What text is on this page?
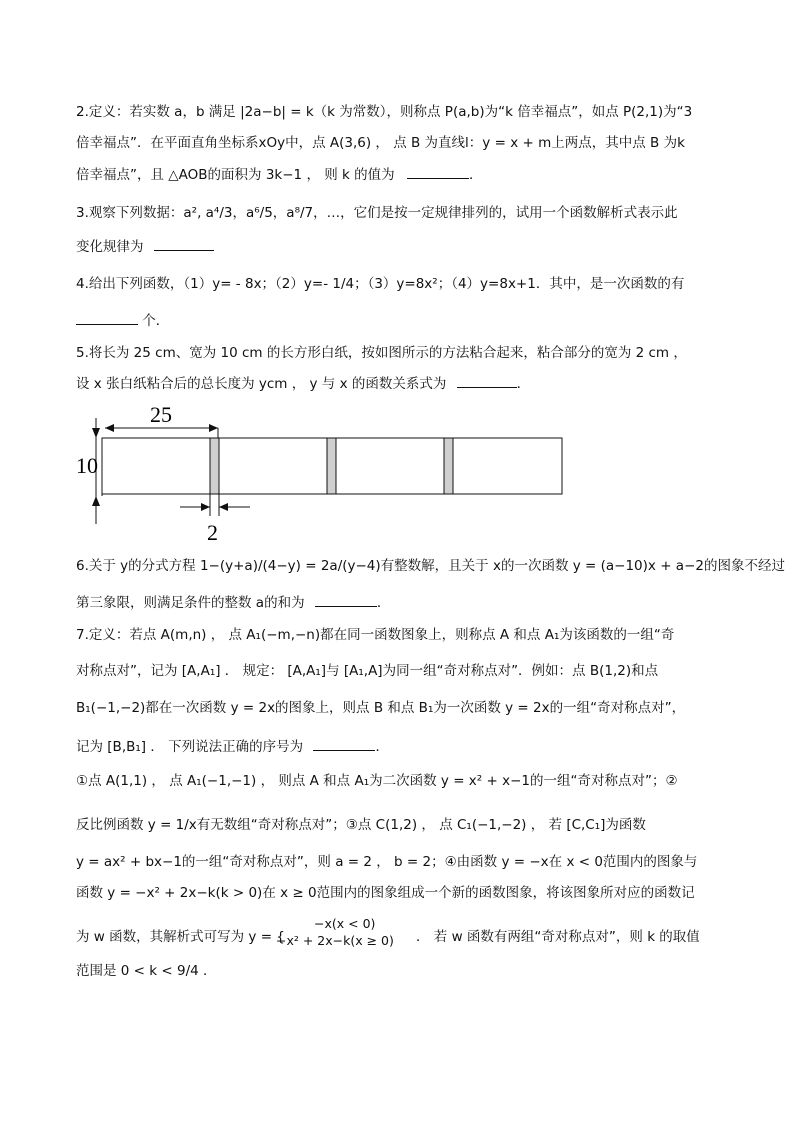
2.定义：若实数 a，b 满足 |2a−b| = k（k 为常数），则称点 P(a,b)为“k 倍幸福点”，如点 P(2,1)为“3
倍幸福点”．在平面直角坐标系xOy中，点 A(3,6) ， 点 B 为直线l：y = x + m上两点，其中点 B 为k
倍幸福点”，且 △AOB的面积为 3k−1 ， 则 k 的值为	．
3.观察下列数据：a², a⁴/3，a⁶/5，a⁸/7，…，它们是按一定规律排列的，试用一个函数解析式表示此
变化规律为
4.给出下列函数，（1）y= - 8x；（2）y=- 1/4；（3）y=8x²；（4）y=8x+1．其中，是一次函数的有
个．
5.将长为 25 cm、宽为 10 cm 的长方形白纸，按如图所示的方法粘合起来，粘合部分的宽为 2 cm ，
设 x 张白纸粘合后的总长度为 ycm ， y 与 x 的函数关系式为	．
25
10
2
6.关于 y的分式方程 1−(y+a)/(4−y) = 2a/(y−4)有整数解，且关于 x的一次函数 y = (a−10)x + a−2的图象不经过
第三象限，则满足条件的整数 a的和为	．
7.定义：若点 A(m,n) ， 点 A₁(−m,−n)都在同一函数图象上，则称点 A 和点 A₁为该函数的一组“奇
对称点对”，记为 [A,A₁] ． 规定： [A,A₁]与 [A₁,A]为同一组“奇对称点对”．例如：点 B(1,2)和点
B₁(−1,−2)都在一次函数 y = 2x的图象上，则点 B 和点 B₁为一次函数 y = 2x的一组“奇对称点对”，
记为 [B,B₁] ． 下列说法正确的序号为	．
①点 A(1,1) ， 点 A₁(−1,−1) ， 则点 A 和点 A₁为二次函数 y = x² + x−1的一组“奇对称点对”；②
反比例函数 y = 1/x有无数组“奇对称点对”；③点 C(1,2) ， 点 C₁(−1,−2) ， 若 [C,C₁]为函数
y = ax² + bx−1的一组“奇对称点对”，则 a = 2 ， b = 2；④由函数 y = −x在 x < 0范围内的图象与
函数 y = −x² + 2x−k(k > 0)在 x ≥ 0范围内的图象组成一个新的函数图象，将该图象所对应的函数记
为 w 函数，其解析式可写为 y = {
−x(x < 0)
−x² + 2x−k(x ≥ 0) ． 若 w 函数有两组“奇对称点对”，则 k 的取值
范围是 0 < k < 9/4 ．
